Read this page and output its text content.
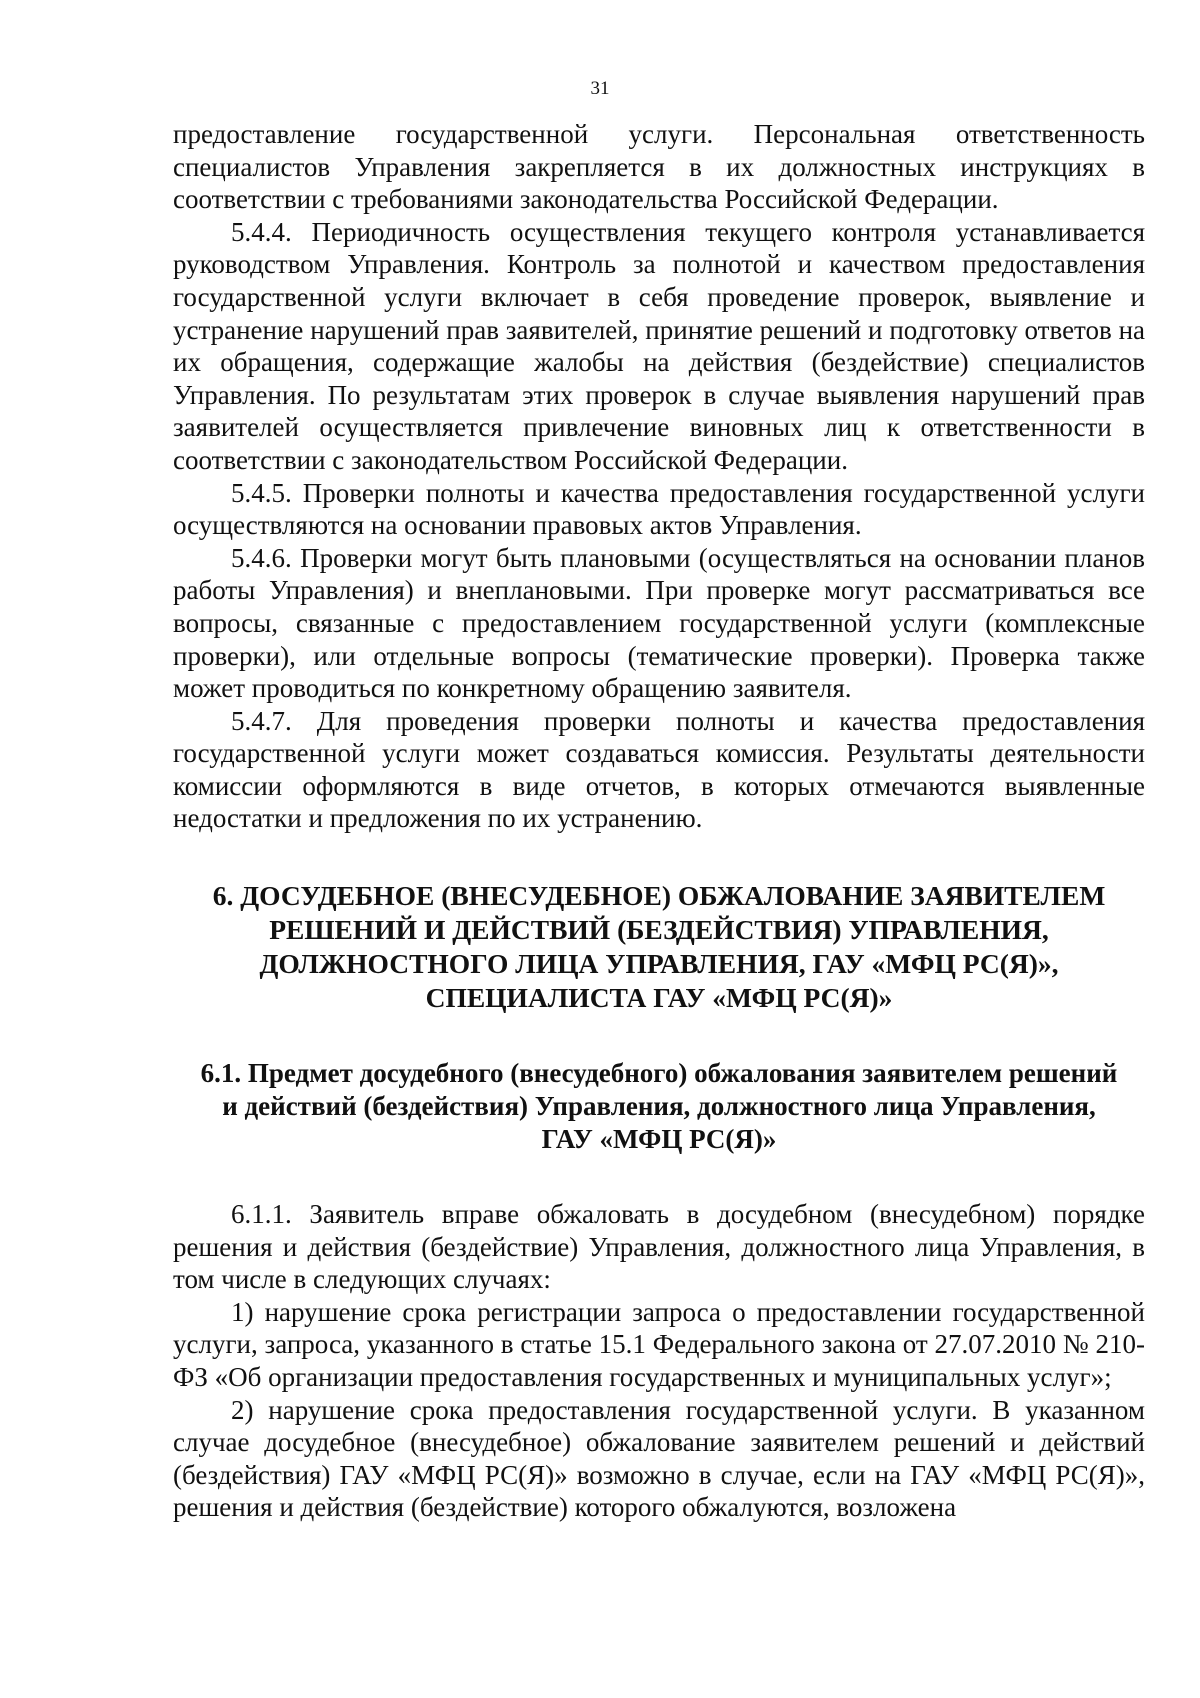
31

предоставление государственной услуги. Персональная ответственность специалистов Управления закрепляется в их должностных инструкциях в соответствии с требованиями законодательства Российской Федерации.

5.4.4. Периодичность осуществления текущего контроля устанавливается руководством Управления. Контроль за полнотой и качеством предоставления государственной услуги включает в себя проведение проверок, выявление и устранение нарушений прав заявителей, принятие решений и подготовку ответов на их обращения, содержащие жалобы на действия (бездействие) специалистов Управления. По результатам этих проверок в случае выявления нарушений прав заявителей осуществляется привлечение виновных лиц к ответственности в соответствии с законодательством Российской Федерации.

5.4.5. Проверки полноты и качества предоставления государственной услуги осуществляются на основании правовых актов Управления.

5.4.6. Проверки могут быть плановыми (осуществляться на основании планов работы Управления) и внеплановыми. При проверке могут рассматриваться все вопросы, связанные с предоставлением государственной услуги (комплексные проверки), или отдельные вопросы (тематические проверки). Проверка также может проводиться по конкретному обращению заявителя.

5.4.7. Для проведения проверки полноты и качества предоставления государственной услуги может создаваться комиссия. Результаты деятельности комиссии оформляются в виде отчетов, в которых отмечаются выявленные недостатки и предложения по их устранению.

6. ДОСУДЕБНОЕ (ВНЕСУДЕБНОЕ) ОБЖАЛОВАНИЕ ЗАЯВИТЕЛЕМ
РЕШЕНИЙ И ДЕЙСТВИЙ (БЕЗДЕЙСТВИЯ) УПРАВЛЕНИЯ,
ДОЛЖНОСТНОГО ЛИЦА УПРАВЛЕНИЯ, ГАУ «МФЦ РС(Я)»,
СПЕЦИАЛИСТА ГАУ «МФЦ РС(Я)»
6.1. Предмет досудебного (внесудебного) обжалования заявителем решений
и действий (бездействия) Управления, должностного лица Управления,
ГАУ «МФЦ РС(Я)»

6.1.1. Заявитель вправе обжаловать в досудебном (внесудебном) порядке решения и действия (бездействие) Управления, должностного лица Управления, в том числе в следующих случаях:

1) нарушение срока регистрации запроса о предоставлении государственной услуги, запроса, указанного в статье 15.1 Федерального закона от 27.07.2010 № 210-ФЗ «Об организации предоставления государственных и муниципальных услуг»;

2) нарушение срока предоставления государственной услуги. В указанном случае досудебное (внесудебное) обжалование заявителем решений и действий (бездействия) ГАУ «МФЦ РС(Я)» возможно в случае, если на ГАУ «МФЦ РС(Я)», решения и действия (бездействие) которого обжалуются, возложена
